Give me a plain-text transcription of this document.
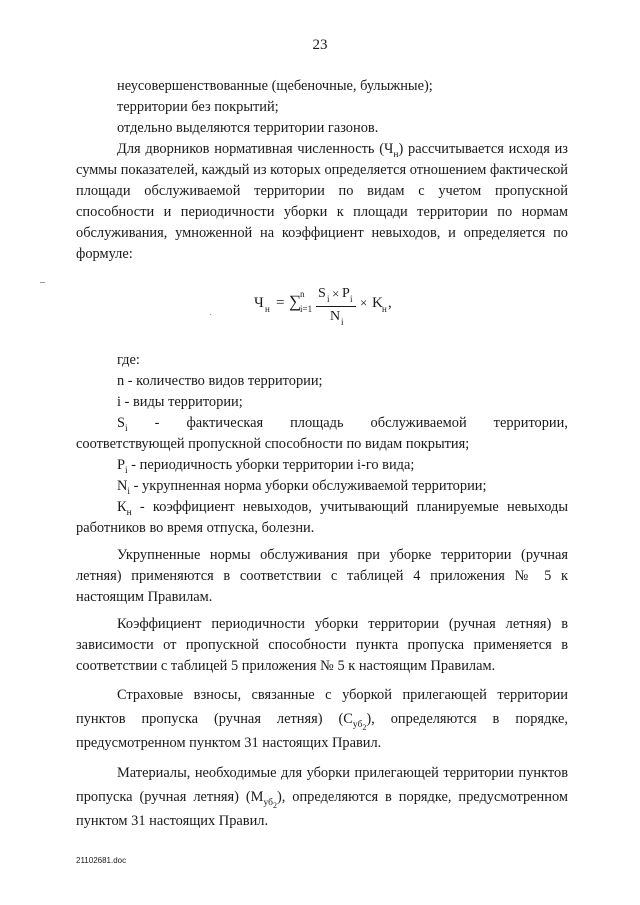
23

неусовершенствованные (щебеночные, булыжные);

территории без покрытий;

отдельно выделяются территории газонов.

Для дворников нормативная численность $(Ч_н)$ рассчитывается исходя из суммы показателей, каждый из которых определяется отношением фактической площади обслуживаемой территории по видам с учетом пропускной способности и периодичности уборки к площади территории по нормам обслуживания, умноженной на коэффициент невыходов, и определяется по формуле:

Ч н = ∑
n
i=1
S i × P i
N i
× K н ,

где:

n - количество видов территории;

i - виды территории;

$S_i$ - фактическая площадь обслуживаемой территории,

соответствующей пропускной способности по видам покрытия;

$P_i$ - периодичность уборки территории i-го вида;

$N_i$ - укрупненная норма уборки обслуживаемой территории;

$К_н$ - коэффициент невыходов, учитывающий планируемые невыходы работников во время отпуска, болезни.

Укрупненные нормы обслуживания при уборке территории (ручная летняя) применяются в соответствии с таблицей 4 приложения № 5 к настоящим Правилам.

Коэффициент периодичности уборки территории (ручная летняя) в зависимости от пропускной способности пункта пропуска применяется в соответствии с таблицей 5 приложения № 5 к настоящим Правилам.

Страховые взносы, связанные с уборкой прилегающей территории пунктов пропуска (ручная летняя) $(С_{уб_2})$, определяются в порядке, предусмотренном пунктом 31 настоящих Правил.

Материалы, необходимые для уборки прилегающей территории пунктов пропуска (ручная летняя) $(М_{уб_2})$, определяются в порядке, предусмотренном пунктом 31 настоящих Правил.

21102681.doc
